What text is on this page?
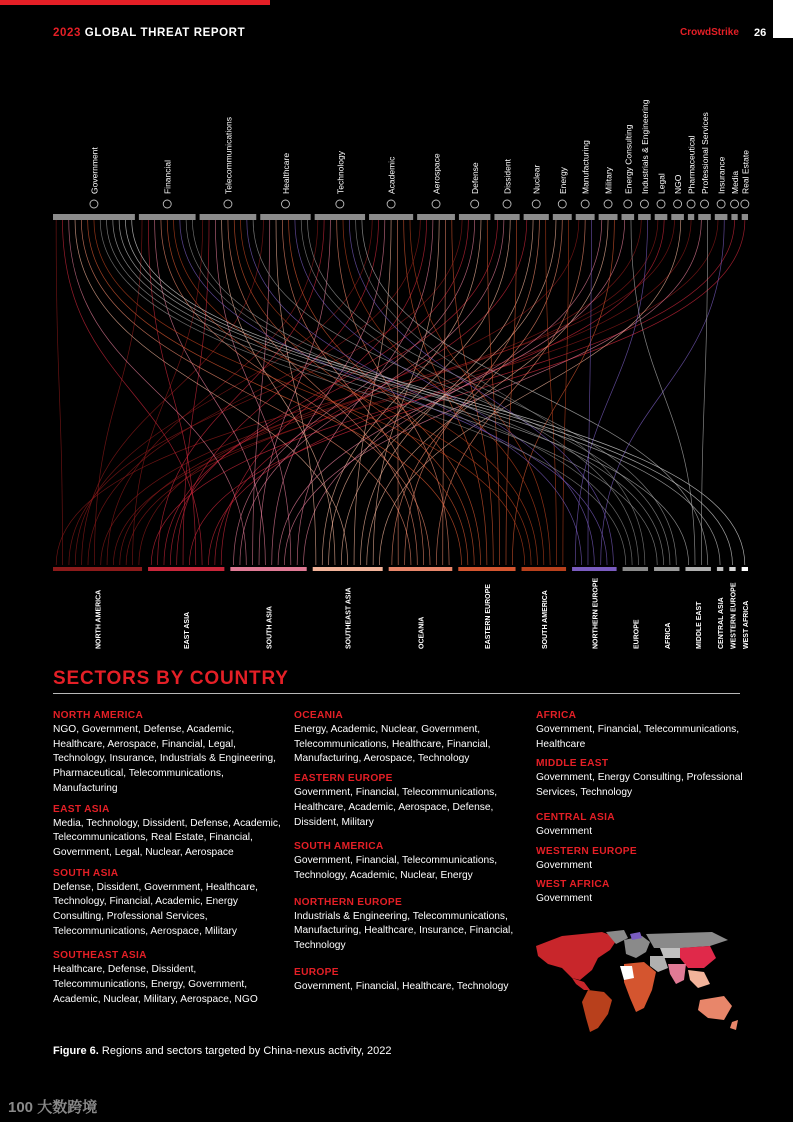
2023 GLOBAL THREAT REPORT	CrowdStrike 26
Government	Financial	Telecommunications	Healthcare	Technology	Academic	Aerospace	Defense	Dissident Nuclear Energy Manufacturing Military Energy Consulting Industrials & Engineering Legal NGO Pharmaceutical Professional Services Insurance Media Real Estate
NORTH AMERICA	EAST ASIA	SOUTH ASIA	SOUTHEAST ASIA	OCEANIA	EASTERN EUROPE	SOUTH AMERICA	NORTHERN EUROPE	EUROPE	AFRICA	MIDDLE EAST CENTRAL ASIA WESTERN EUROPE WEST AFRICA
SECTORS BY COUNTRY
NORTH AMERICA
NGO, Government, Defense, Academic, Healthcare, Aerospace, Financial, Legal, Technology, Insurance, Industrials & Engineering, Pharmaceutical, Telecommunications, Manufacturing
EAST ASIA
Media, Technology, Dissident, Defense, Academic, Telecommunications, Real Estate, Financial, Government, Legal, Nuclear, Aerospace
SOUTH ASIA
Defense, Dissident, Government, Healthcare, Technology, Financial, Academic, Energy Consulting, Professional Services, Telecommunications, Aerospace, Military
SOUTHEAST ASIA
Healthcare, Defense, Dissident, Telecommunications, Energy, Government, Academic, Nuclear, Military, Aerospace, NGO
OCEANIA
Energy, Academic, Nuclear, Government, Telecommunications, Healthcare, Financial, Manufacturing, Aerospace, Technology
EASTERN EUROPE
Government, Financial, Telecommunications, Healthcare, Academic, Aerospace, Defense, Dissident, Military
SOUTH AMERICA
Government, Financial, Telecommunications, Technology, Academic, Nuclear, Energy
NORTHERN EUROPE
Industrials & Engineering, Telecommunications, Manufacturing, Healthcare, Insurance, Financial, Technology
EUROPE
Government, Financial, Healthcare, Technology
AFRICA
Government, Financial, Telecommunications, Healthcare
MIDDLE EAST
Government, Energy Consulting, Professional Services, Technology
CENTRAL ASIA
Government
WESTERN EUROPE
Government
WEST AFRICA
Government
Figure 6. Regions and sectors targeted by China-nexus activity, 2022
100 大数跨境
